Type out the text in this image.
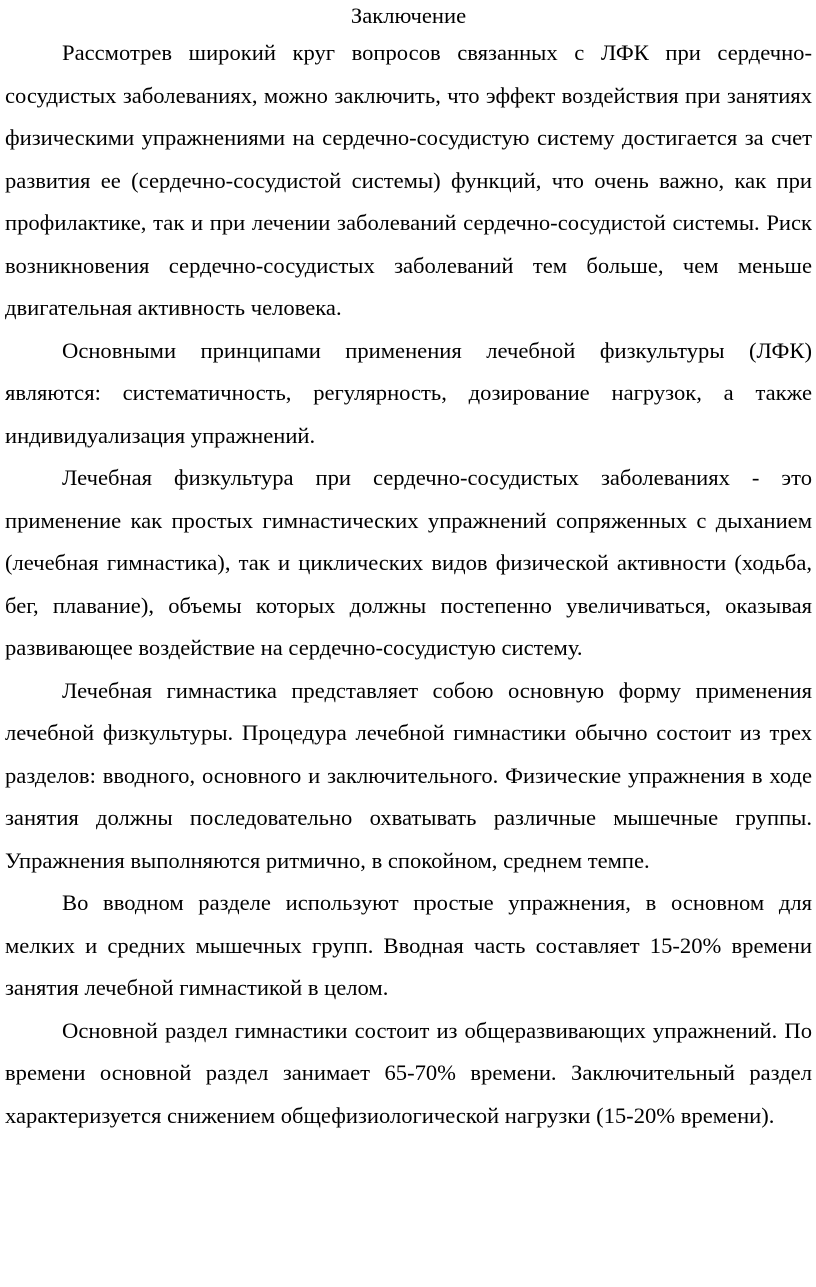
Заключение

Рассмотрев широкий круг вопросов связанных с ЛФК при сердечно-сосудистых заболеваниях, можно заключить, что эффект воздействия при занятиях физическими упражнениями на сердечно-сосудистую систему достигается за счет развития ее (сердечно-сосудистой системы) функций, что очень важно, как при профилактике, так и при лечении заболеваний сердечно-сосудистой системы. Риск возникновения сердечно-сосудистых заболеваний тем больше, чем меньше двигательная активность человека.

Основными принципами применения лечебной физкультуры (ЛФК) являются: систематичность, регулярность, дозирование нагрузок, а также индивидуализация упражнений.

Лечебная физкультура при сердечно-сосудистых заболеваниях - это применение как простых гимнастических упражнений сопряженных с дыханием (лечебная гимнастика), так и циклических видов физической активности (ходьба, бег, плавание), объемы которых должны постепенно увеличиваться, оказывая развивающее воздействие на сердечно-сосудистую систему.

Лечебная гимнастика представляет собою основную форму применения лечебной физкультуры. Процедура лечебной гимнастики обычно состоит из трех разделов: вводного, основного и заключительного. Физические упражнения в ходе занятия должны последовательно охватывать различные мышечные группы. Упражнения выполняются ритмично, в спокойном, среднем темпе.

Во вводном разделе используют простые упражнения, в основном для мелких и средних мышечных групп. Вводная часть составляет 15-20% времени занятия лечебной гимнастикой в целом.

Основной раздел гимнастики состоит из общеразвивающих упражнений. По времени основной раздел занимает 65-70% времени. Заключительный раздел характеризуется снижением общефизиологической нагрузки (15-20% времени).
